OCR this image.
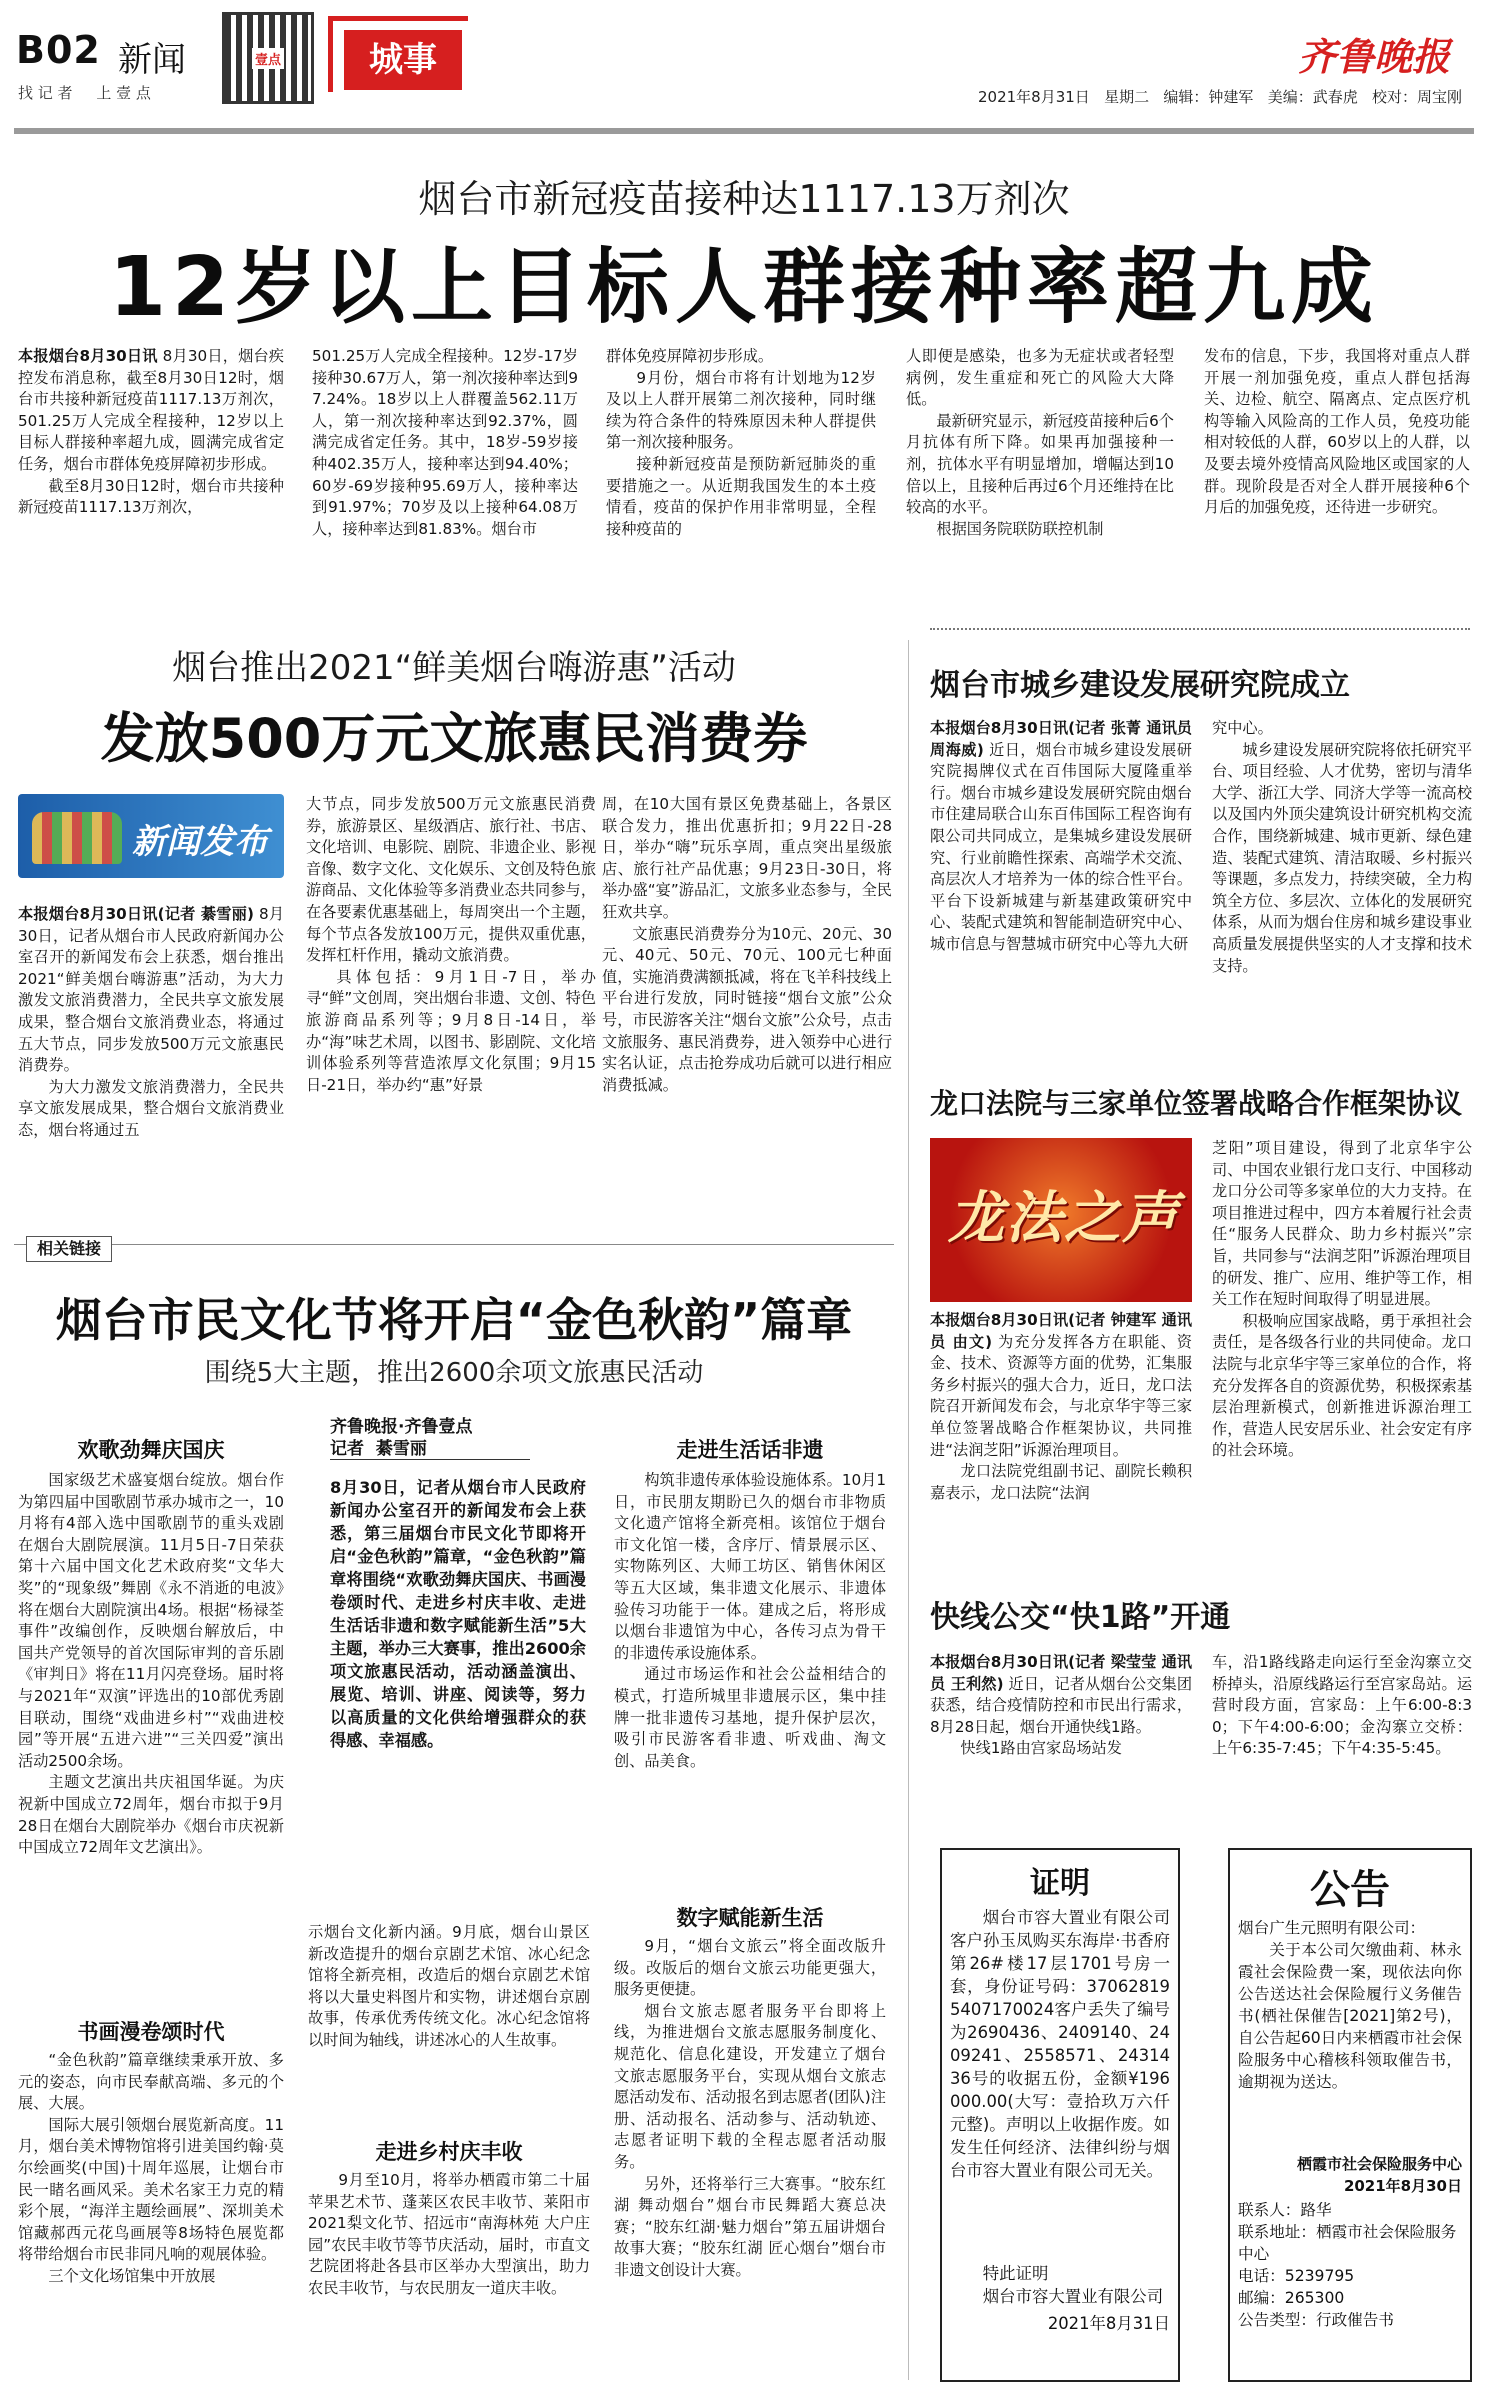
B02 新闻
找 记 者     上 壹 点
壹点	城事	齐鲁晚报
2021年8月31日   星期二   编辑：钟建军   美编：武春虎   校对：周宝刚
烟台市新冠疫苗接种达1117.13万剂次
12岁以上目标人群接种率超九成
本报烟台8月30日讯 8月30日，烟台疾控发布消息称，截至8月30日12时，烟台市共接种新冠疫苗1117.13万剂次，501.25万人完成全程接种，12岁以上目标人群接种率超九成，圆满完成省定任务，烟台市群体免疫屏障初步形成。

截至8月30日12时，烟台市共接种新冠疫苗1117.13万剂次，

501.25万人完成全程接种。12岁-17岁接种30.67万人，第一剂次接种率达到97.24%。18岁以上人群覆盖562.11万人，第一剂次接种率达到92.37%，圆满完成省定任务。其中，18岁-59岁接种402.35万人，接种率达到94.40%；60岁-69岁接种95.69万人，接种率达到91.97%；70岁及以上接种64.08万人，接种率达到81.83%。烟台市
群体免疫屏障初步形成。

9月份，烟台市将有计划地为12岁及以上人群开展第二剂次接种，同时继续为符合条件的特殊原因未种人群提供第一剂次接种服务。

接种新冠疫苗是预防新冠肺炎的重要措施之一。从近期我国发生的本土疫情看，疫苗的保护作用非常明显，全程接种疫苗的

人即便是感染，也多为无症状或者轻型病例，发生重症和死亡的风险大大降低。

最新研究显示，新冠疫苗接种后6个月抗体有所下降。如果再加强接种一剂，抗体水平有明显增加，增幅达到10倍以上，且接种后再过6个月还维持在比较高的水平。

根据国务院联防联控机制

发布的信息，下步，我国将对重点人群开展一剂加强免疫，重点人群包括海关、边检、航空、隔离点、定点医疗机构等输入风险高的工作人员，免疫功能相对较低的人群，60岁以上的人群，以及要去境外疫情高风险地区或国家的人群。现阶段是否对全人群开展接种6个月后的加强免疫，还待进一步研究。
烟台推出2021“鲜美烟台嗨游惠”活动
发放500万元文旅惠民消费券
新闻发布
本报烟台8月30日讯(记者 綦雪丽) 8月30日，记者从烟台市人民政府新闻办公室召开的新闻发布会上获悉，烟台推出2021“鲜美烟台嗨游惠”活动，为大力激发文旅消费潜力，全民共享文旅发展成果，整合烟台文旅消费业态，将通过五大节点，同步发放500万元文旅惠民消费券。

为大力激发文旅消费潜力，全民共享文旅发展成果，整合烟台文旅消费业态，烟台将通过五

大节点，同步发放500万元文旅惠民消费券，旅游景区、星级酒店、旅行社、书店、文化培训、电影院、剧院、非遗企业、影视音像、数字文化、文化娱乐、文创及特色旅游商品、文化体验等多消费业态共同参与，在各要素优惠基础上，每周突出一个主题，每个节点各发放100万元，提供双重优惠，发挥杠杆作用，撬动文旅消费。

具体包括：9月1日-7日，举办寻“鲜”文创周，突出烟台非遗、文创、特色旅游商品系列等；9月8日-14日，举办“海”味艺术周，以图书、影剧院、文化培训体验系列等营造浓厚文化氛围；9月15日-21日，举办约“惠”好景

周，在10大国有景区免费基础上，各景区联合发力，推出优惠折扣；9月22日-28日，举办“嗨”玩乐享周，重点突出星级旅店、旅行社产品优惠；9月23日-30日，将举办盛“宴”游品汇，文旅多业态参与，全民狂欢共享。

文旅惠民消费券分为10元、20元、30元、40元、50元、70元、100元七种面值，实施消费满额抵减，将在飞羊科技线上平台进行发放，同时链接“烟台文旅”公众号，市民游客关注“烟台文旅”公众号，点击文旅服务、惠民消费券，进入领券中心进行实名认证，点击抢券成功后就可以进行相应消费抵减。

相关链接
烟台市民文化节将开启“金色秋韵”篇章
围绕5大主题，推出2600余项文旅惠民活动
欢歌劲舞庆国庆

国家级艺术盛宴烟台绽放。烟台作为第四届中国歌剧节承办城市之一，10月将有4部入选中国歌剧节的重头戏剧在烟台大剧院展演。11月5日-7日荣获第十六届中国文化艺术政府奖“文华大奖”的“现象级”舞剧《永不消逝的电波》将在烟台大剧院演出4场。根据“杨禄荃事件”改编创作，反映烟台解放后，中国共产党领导的首次国际审判的音乐剧《审判日》将在11月闪亮登场。届时将与2021年“双演”评选出的10部优秀剧目联动，围绕“戏曲进乡村”“戏曲进校园”等开展“五进六进”“三关四爱”演出活动2500余场。

主题文艺演出共庆祖国华诞。为庆祝新中国成立72周年，烟台市拟于9月28日在烟台大剧院举办《烟台市庆祝新中国成立72周年文艺演出》。

书画漫卷颂时代

“金色秋韵”篇章继续秉承开放、多元的姿态，向市民奉献高端、多元的个展、大展。

国际大展引领烟台展览新高度。11月，烟台美术博物馆将引进美国约翰·莫尔绘画奖(中国)十周年巡展，让烟台市民一睹名画风采。美术名家王力克的精彩个展，“海洋主题绘画展”、深圳美术馆藏郝西元花鸟画展等8场特色展览都将带给烟台市民非同凡响的观展体验。

三个文化场馆集中开放展

齐鲁晚报·齐鲁壹点
记者  綦雪丽
8月30日，记者从烟台市人民政府新闻办公室召开的新闻发布会上获悉，第三届烟台市民文化节即将开启“金色秋韵”篇章，“金色秋韵”篇章将围绕“欢歌劲舞庆国庆、书画漫卷颂时代、走进乡村庆丰收、走进生活话非遗和数字赋能新生活”5大主题，举办三大赛事，推出2600余项文旅惠民活动，活动涵盖演出、展览、培训、讲座、阅读等，努力以高质量的文化供给增强群众的获得感、幸福感。
示烟台文化新内涵。9月底，烟台山景区新改造提升的烟台京剧艺术馆、冰心纪念馆将全新亮相，改造后的烟台京剧艺术馆将以大量史料图片和实物，讲述烟台京剧故事，传承优秀传统文化。冰心纪念馆将以时间为轴线，讲述冰心的人生故事。
走进乡村庆丰收

9月至10月，将举办栖霞市第二十届苹果艺术节、蓬莱区农民丰收节、莱阳市2021梨文化节、招远市“南海林苑 大户庄园”农民丰收节等节庆活动，届时，市直文艺院团将赴各县市区举办大型演出，助力农民丰收节，与农民朋友一道庆丰收。

走进生活话非遗

构筑非遗传承体验设施体系。10月1日，市民朋友期盼已久的烟台市非物质文化遗产馆将全新亮相。该馆位于烟台市文化馆一楼，含序厅、情景展示区、实物陈列区、大师工坊区、销售休闲区等五大区域，集非遗文化展示、非遗体验传习功能于一体。建成之后，将形成以烟台非遗馆为中心，各传习点为骨干的非遗传承设施体系。

通过市场运作和社会公益相结合的模式，打造所城里非遗展示区，集中挂牌一批非遗传习基地，提升保护层次，吸引市民游客看非遗、听戏曲、淘文创、品美食。

数字赋能新生活

9月，“烟台文旅云”将全面改版升级。改版后的烟台文旅云功能更强大，服务更便捷。

烟台文旅志愿者服务平台即将上线，为推进烟台文旅志愿服务制度化、规范化、信息化建设，开发建立了烟台文旅志愿服务平台，实现从烟台文旅志愿活动发布、活动报名到志愿者(团队)注册、活动报名、活动参与、活动轨迹、志愿者证明下载的全程志愿者活动服务。

另外，还将举行三大赛事。“胶东红湖 舞动烟台”烟台市民舞蹈大赛总决赛；“胶东红湖·魅力烟台”第五届讲烟台故事大赛；“胶东红湖 匠心烟台”烟台市非遗文创设计大赛。

烟台市城乡建设发展研究院成立
本报烟台8月30日讯(记者 张菁 通讯员 周海威) 近日，烟台市城乡建设发展研究院揭牌仪式在百伟国际大厦隆重举行。烟台市城乡建设发展研究院由烟台市住建局联合山东百伟国际工程咨询有限公司共同成立，是集城乡建设发展研究、行业前瞻性探索、高端学术交流、高层次人才培养为一体的综合性平台。平台下设新城建与新基建政策研究中心、装配式建筑和智能制造研究中心、城市信息与智慧城市研究中心等九大研
究中心。

城乡建设发展研究院将依托研究平台、项目经验、人才优势，密切与清华大学、浙江大学、同济大学等一流高校以及国内外顶尖建筑设计研究机构交流合作，围绕新城建、城市更新、绿色建造、装配式建筑、清洁取暖、乡村振兴等课题，多点发力，持续突破，全力构筑全方位、多层次、立体化的发展研究体系，从而为烟台住房和城乡建设事业高质量发展提供坚实的人才支撑和技术支持。

龙口法院与三家单位签署战略合作框架协议
龙法之声
本报烟台8月30日讯(记者 钟建军 通讯员 由文) 为充分发挥各方在职能、资金、技术、资源等方面的优势，汇集服务乡村振兴的强大合力，近日，龙口法院召开新闻发布会，与北京华宇等三家单位签署战略合作框架协议，共同推进“法润芝阳”诉源治理项目。

龙口法院党组副书记、副院长赖积嘉表示，龙口法院“法润

芝阳”项目建设，得到了北京华宇公司、中国农业银行龙口支行、中国移动龙口分公司等多家单位的大力支持。在项目推进过程中，四方本着履行社会责任“服务人民群众、助力乡村振兴”宗旨，共同参与“法润芝阳”诉源治理项目的研发、推广、应用、维护等工作，相关工作在短时间取得了明显进展。

积极响应国家战略，勇于承担社会责任，是各级各行业的共同使命。龙口法院与北京华宇等三家单位的合作，将充分发挥各自的资源优势，积极探索基层治理新模式，创新推进诉源治理工作，营造人民安居乐业、社会安定有序的社会环境。

快线公交“快1路”开通
本报烟台8月30日讯(记者 梁莹莹 通讯员 王利然) 近日，记者从烟台公交集团获悉，结合疫情防控和市民出行需求，8月28日起，烟台开通快线1路。

快线1路由宫家岛场站发

车，沿1路线路走向运行至金沟寨立交桥掉头，沿原线路运行至宫家岛站。运营时段方面，宫家岛：上午6:00-8:30；下午4:00-6:00；金沟寨立交桥：上午6:35-7:45；下午4:35-5:45。
证明
烟台市容大置业有限公司客户孙玉凤购买东海岸·书香府第26#楼17层1701号房一套，身份证号码：370628195407170024客户丢失了编号为2690436、2409140、2409241、2558571、2431436号的收据五份，金额¥196000.00(大写：壹拾玖万六仟元整)。声明以上收据作废。如发生任何经济、法律纠纷与烟台市容大置业有限公司无关。
特此证明
烟台市容大置业有限公司
2021年8月31日
公告
烟台广生元照明有限公司：

关于本公司欠缴曲莉、林永霞社会保险费一案，现依法向你公告送达社会保险履行义务催告书(栖社保催告[2021]第2号)，自公告起60日内来栖霞市社会保险服务中心稽核科领取催告书，逾期视为送达。

栖霞市社会保险服务中心
2021年8月30日
联系人：路华
联系地址：栖霞市社会保险服务中心
电话：5239795
邮编：265300
公告类型：行政催告书
